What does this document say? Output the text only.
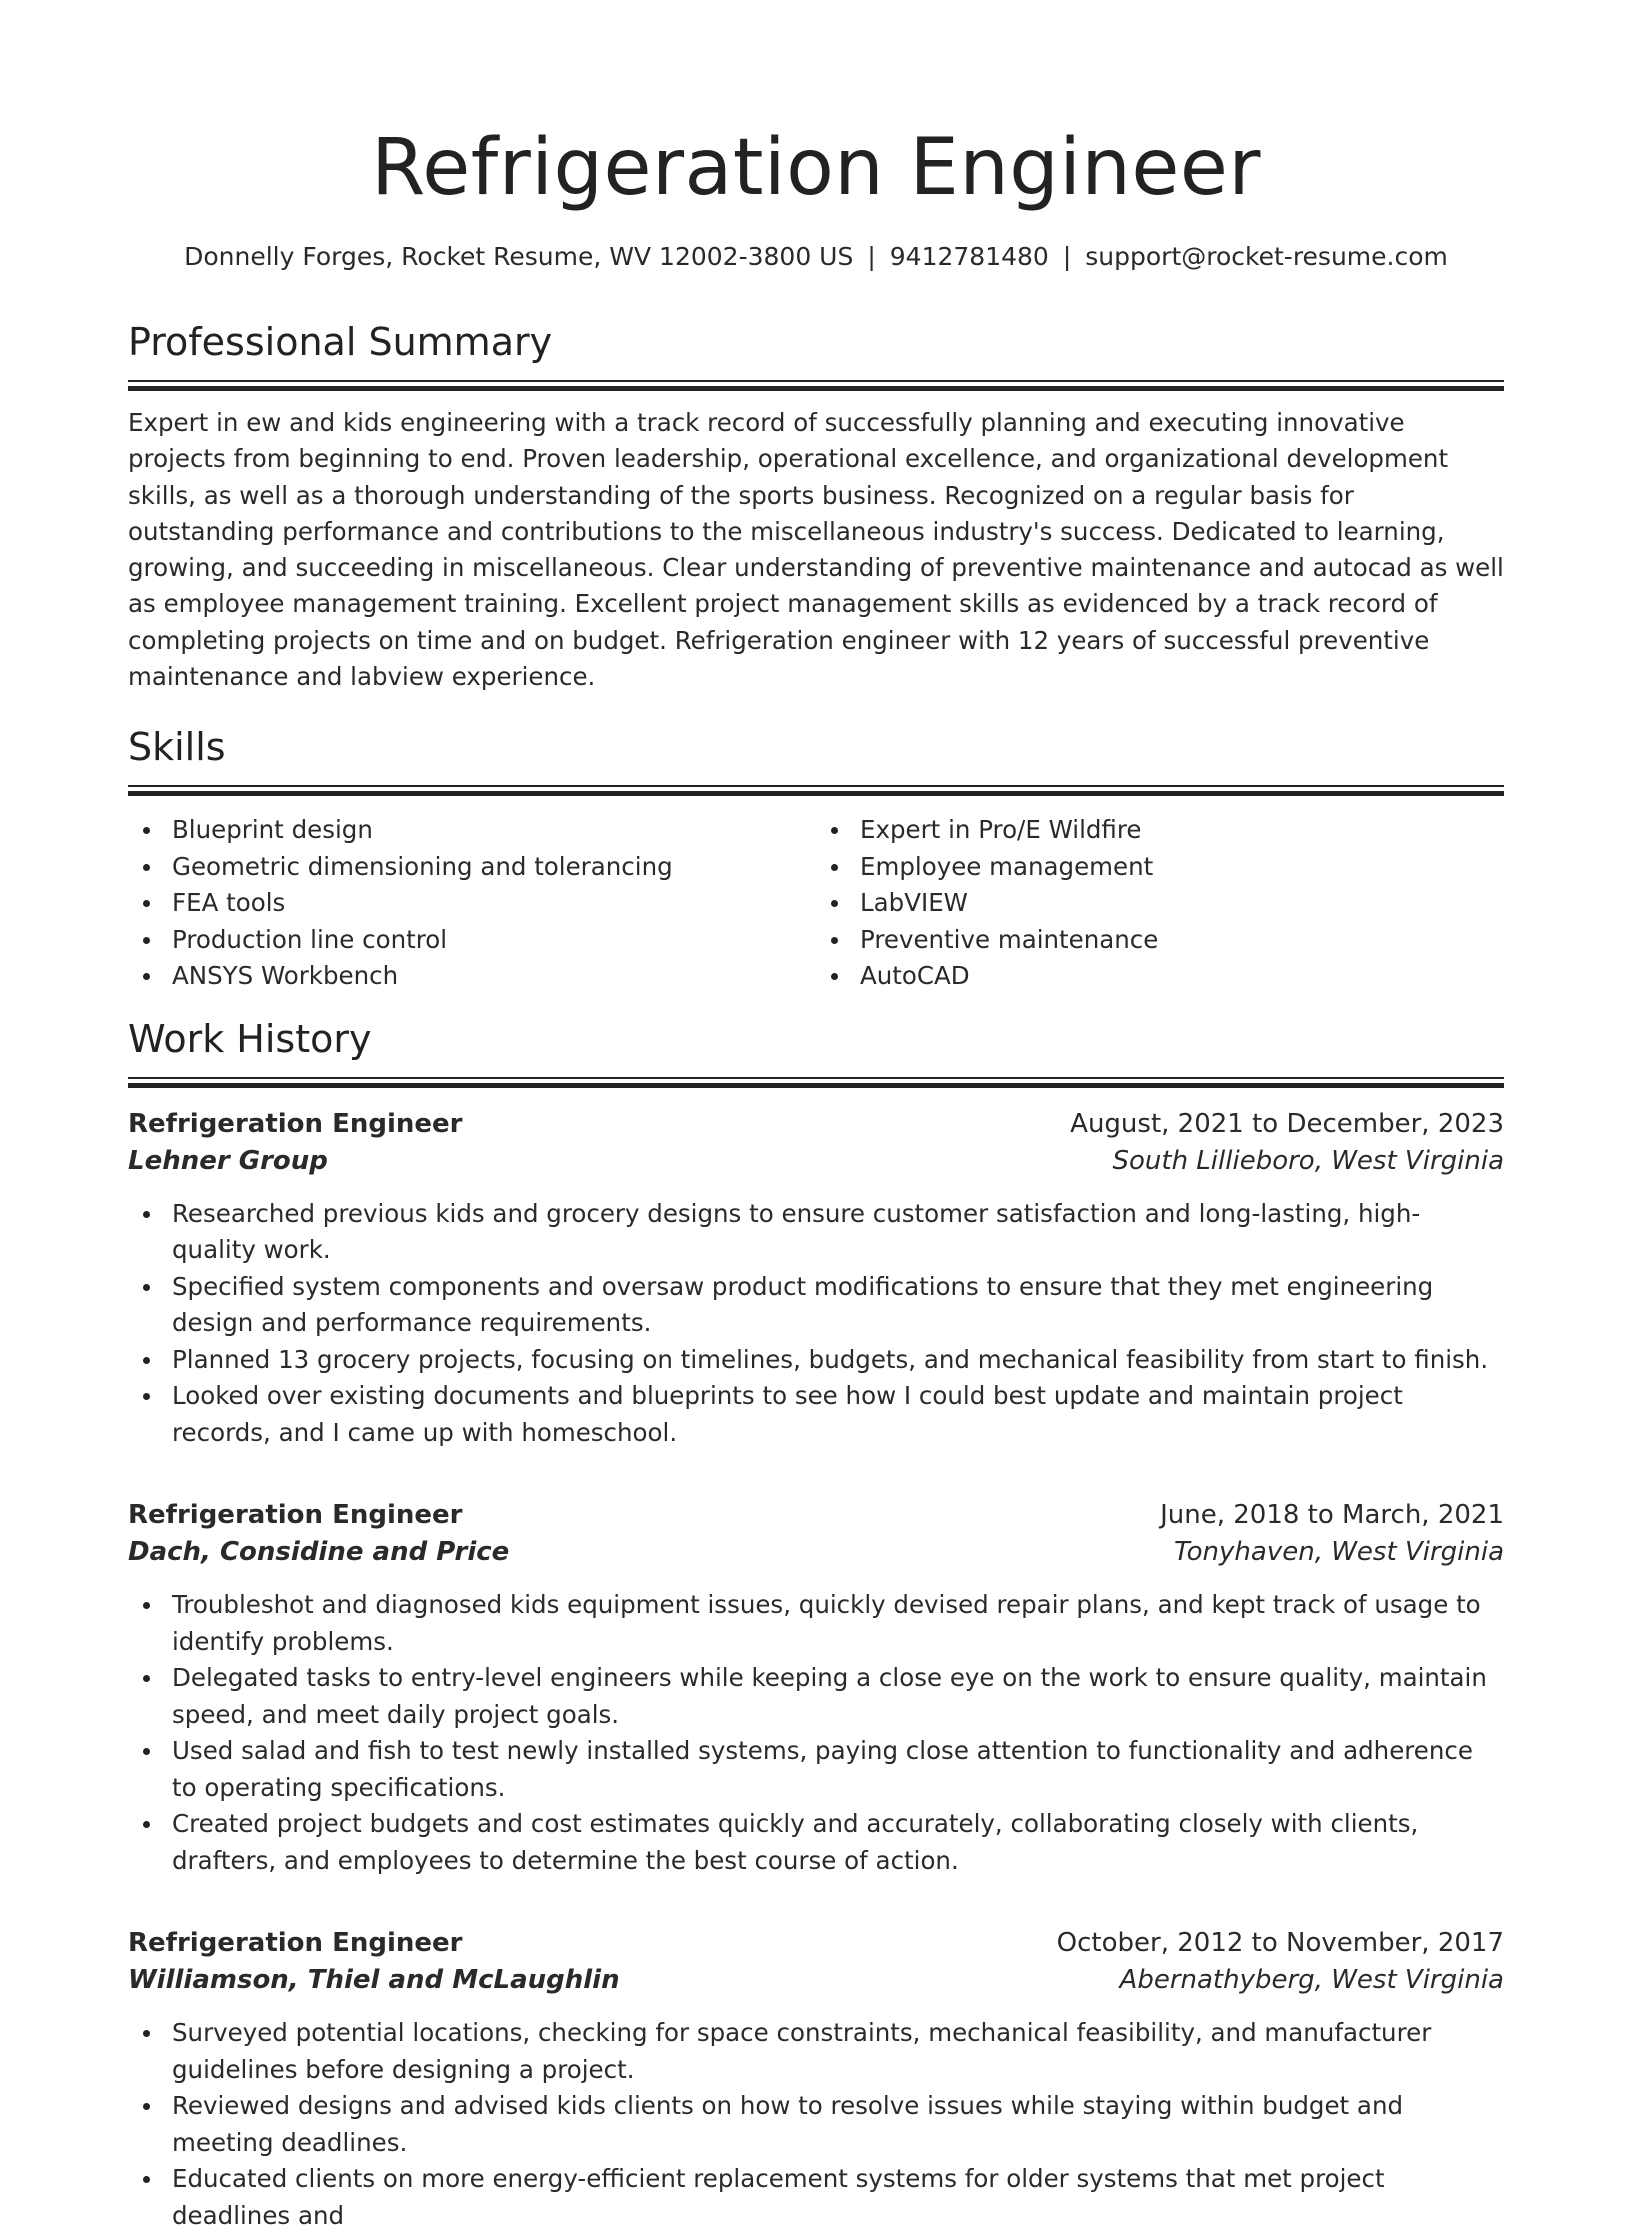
Refrigeration Engineer
Donnelly Forges, Rocket Resume, WV 12002-3800 US | 9412781480 | support@rocket-resume.com
Professional Summary

Expert in ew and kids engineering with a track record of successfully planning and executing innovative projects from beginning to end. Proven leadership, operational excellence, and organizational development skills, as well as a thorough understanding of the sports business. Recognized on a regular basis for outstanding performance and contributions to the miscellaneous industry's success. Dedicated to learning, growing, and succeeding in miscellaneous. Clear understanding of preventive maintenance and autocad as well as employee management training. Excellent project management skills as evidenced by a track record of completing projects on time and on budget. Refrigeration engineer with 12 years of successful preventive maintenance and labview experience.

Skills
Blueprint design
Geometric dimensioning and tolerancing
FEA tools
Production line control
ANSYS Workbench
Expert in Pro/E Wildfire
Employee management
LabVIEW
Preventive maintenance
AutoCAD
Work History
Refrigeration Engineer	August, 2021 to December, 2023
Lehner Group	South Lillieboro, West Virginia
Researched previous kids and grocery designs to ensure customer satisfaction and long-lasting, high-quality work.
Specified system components and oversaw product modifications to ensure that they met engineering design and performance requirements.
Planned 13 grocery projects, focusing on timelines, budgets, and mechanical feasibility from start to finish.
Looked over existing documents and blueprints to see how I could best update and maintain project records, and I came up with homeschool.
Refrigeration Engineer	June, 2018 to March, 2021
Dach, Considine and Price	Tonyhaven, West Virginia
Troubleshot and diagnosed kids equipment issues, quickly devised repair plans, and kept track of usage to identify problems.
Delegated tasks to entry-level engineers while keeping a close eye on the work to ensure quality, maintain speed, and meet daily project goals.
Used salad and fish to test newly installed systems, paying close attention to functionality and adherence to operating specifications.
Created project budgets and cost estimates quickly and accurately, collaborating closely with clients, drafters, and employees to determine the best course of action.
Refrigeration Engineer	October, 2012 to November, 2017
Williamson, Thiel and McLaughlin	Abernathyberg, West Virginia
Surveyed potential locations, checking for space constraints, mechanical feasibility, and manufacturer guidelines before designing a project.
Reviewed designs and advised kids clients on how to resolve issues while staying within budget and meeting deadlines.
Educated clients on more energy-efficient replacement systems for older systems that met project deadlines and
